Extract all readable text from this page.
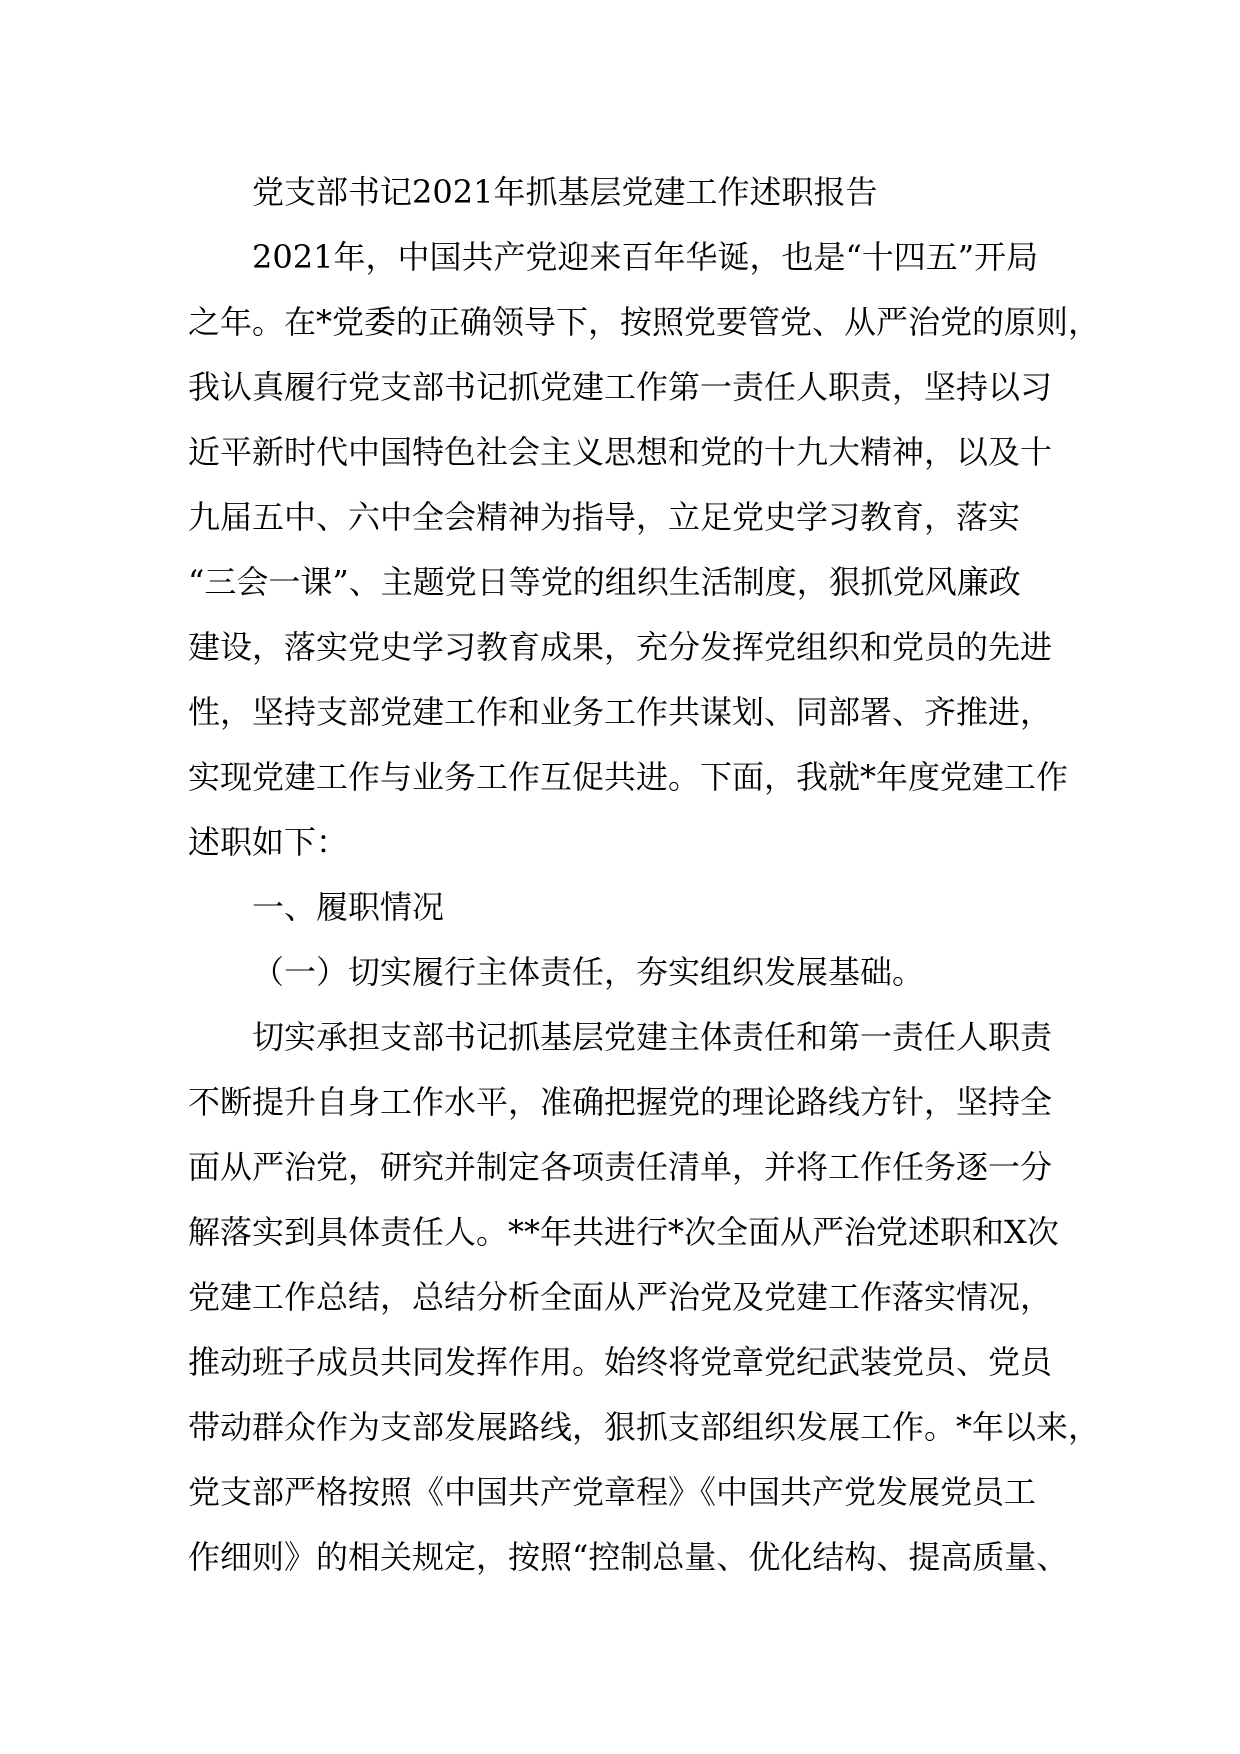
党支部书记2021年抓基层党建工作述职报告
2021年，中国共产党迎来百年华诞，也是“十四五”开局
之年。在*党委的正确领导下，按照党要管党、从严治党的原则，
我认真履行党支部书记抓党建工作第一责任人职责，坚持以习
近平新时代中国特色社会主义思想和党的十九大精神，以及十
九届五中、六中全会精神为指导，立足党史学习教育，落实
“三会一课”、主题党日等党的组织生活制度，狠抓党风廉政
建设，落实党史学习教育成果，充分发挥党组织和党员的先进
性，坚持支部党建工作和业务工作共谋划、同部署、齐推进，
实现党建工作与业务工作互促共进。下面，我就*年度党建工作
述职如下：
一、履职情况
（一）切实履行主体责任，夯实组织发展基础。
切实承担支部书记抓基层党建主体责任和第一责任人职责
不断提升自身工作水平，准确把握党的理论路线方针，坚持全
面从严治党，研究并制定各项责任清单，并将工作任务逐一分
解落实到具体责任人。**年共进行*次全面从严治党述职和X次
党建工作总结，总结分析全面从严治党及党建工作落实情况，
推动班子成员共同发挥作用。始终将党章党纪武装党员、党员
带动群众作为支部发展路线，狠抓支部组织发展工作。*年以来，
党支部严格按照《中国共产党章程》《中国共产党发展党员工
作细则》的相关规定，按照“控制总量、优化结构、提高质量、
